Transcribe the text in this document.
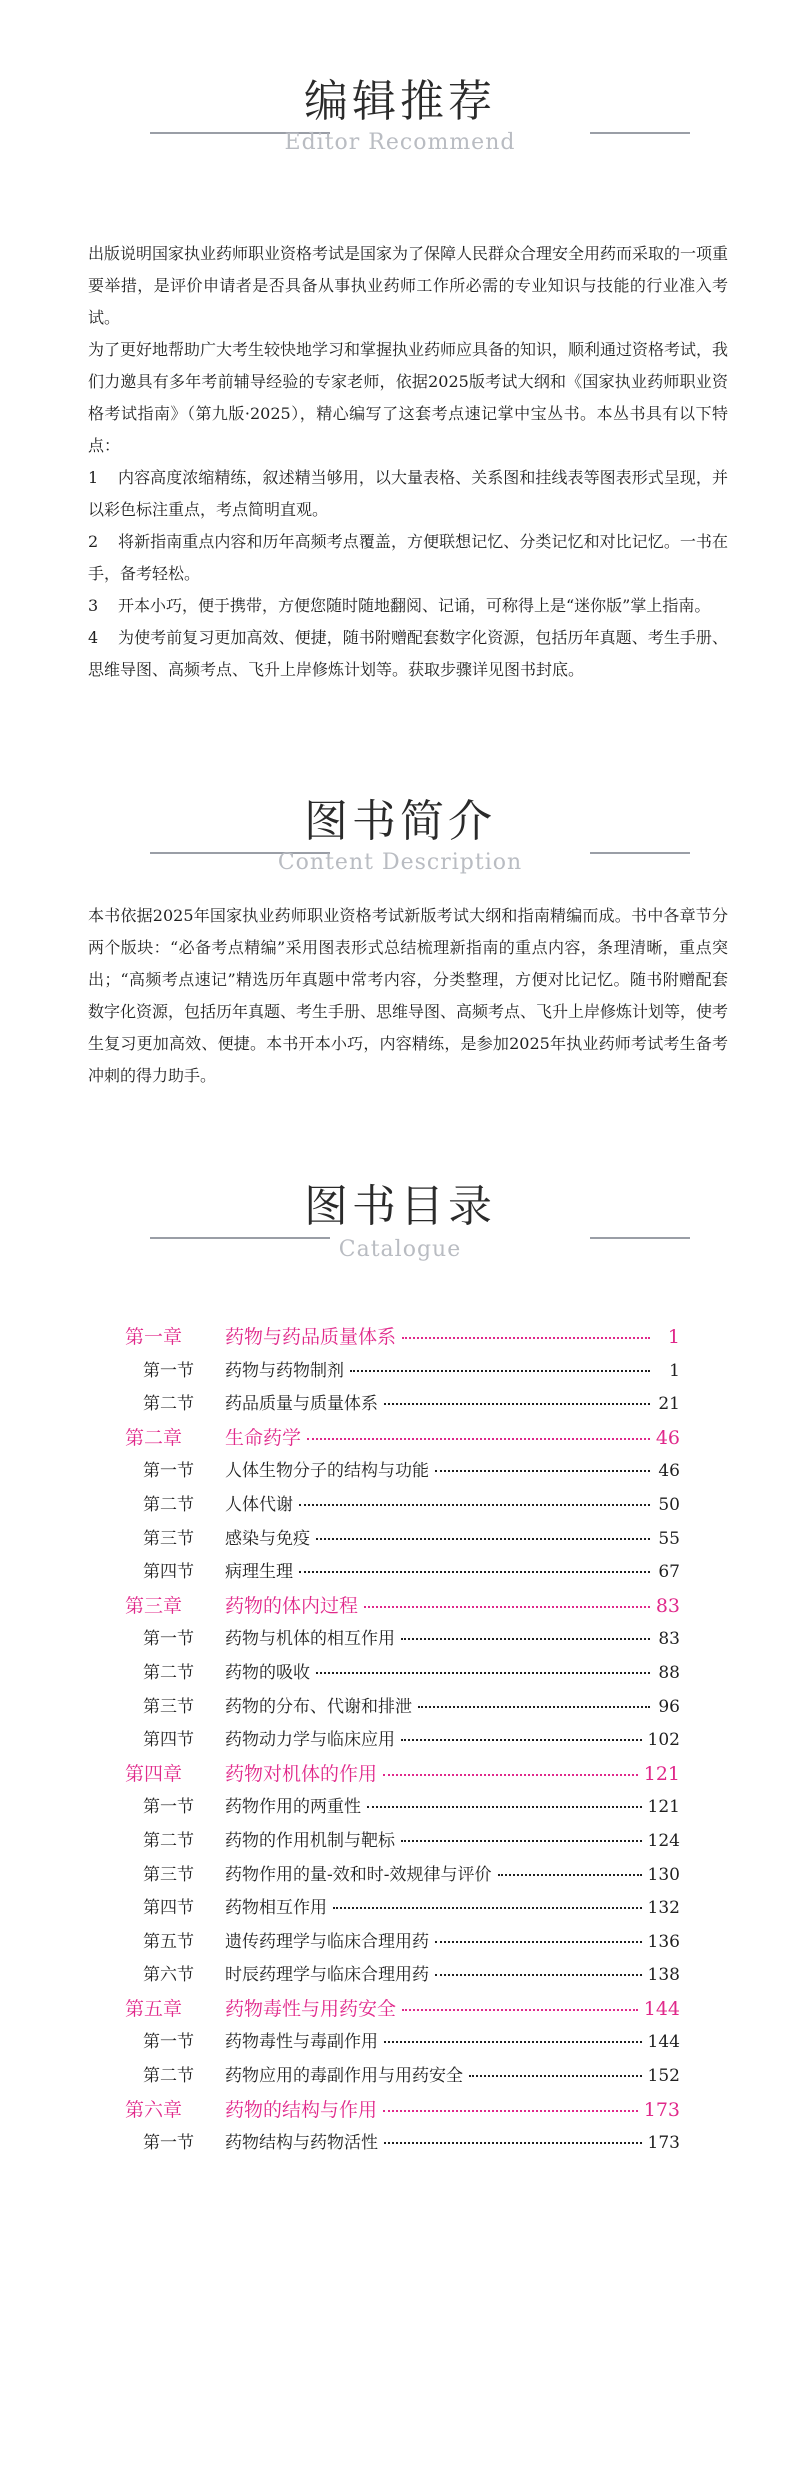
编辑推荐
Editor Recommend

出版说明国家执业药师职业资格考试是国家为了保障人民群众合理安全用药而采取的一项重要举措，是评价申请者是否具备从事执业药师工作所必需的专业知识与技能的行业准入考试。

为了更好地帮助广大考生较快地学习和掌握执业药师应具备的知识，顺利通过资格考试，我们力邀具有多年考前辅导经验的专家老师，依据2025版考试大纲和《国家执业药师职业资格考试指南》（第九版·2025），精心编写了这套考点速记掌中宝丛书。本丛书具有以下特点：

1 内容高度浓缩精练，叙述精当够用，以大量表格、关系图和挂线表等图表形式呈现，并以彩色标注重点，考点简明直观。

2 将新指南重点内容和历年高频考点覆盖，方便联想记忆、分类记忆和对比记忆。一书在手，备考轻松。

3 开本小巧，便于携带，方便您随时随地翻阅、记诵，可称得上是“迷你版”掌上指南。

4 为使考前复习更加高效、便捷，随书附赠配套数字化资源，包括历年真题、考生手册、思维导图、高频考点、飞升上岸修炼计划等。获取步骤详见图书封底。

图书简介
Content Description

本书依据2025年国家执业药师职业资格考试新版考试大纲和指南精编而成。书中各章节分两个版块：“必备考点精编”采用图表形式总结梳理新指南的重点内容，条理清晰，重点突出；“高频考点速记”精选历年真题中常考内容，分类整理，方便对比记忆。随书附赠配套数字化资源，包括历年真题、考生手册、思维导图、高频考点、飞升上岸修炼计划等，使考生复习更加高效、便捷。本书开本小巧，内容精练，是参加2025年执业药师考试考生备考冲刺的得力助手。

图书目录
Catalogue
第一章	药物与药品质量体系	1
第一节	药物与药物制剂	1
第二节	药品质量与质量体系	21
第二章	生命药学	46
第一节	人体生物分子的结构与功能	46
第二节	人体代谢	50
第三节	感染与免疫	55
第四节	病理生理	67
第三章	药物的体内过程	83
第一节	药物与机体的相互作用	83
第二节	药物的吸收	88
第三节	药物的分布、代谢和排泄	96
第四节	药物动力学与临床应用	102
第四章	药物对机体的作用	121
第一节	药物作用的两重性	121
第二节	药物的作用机制与靶标	124
第三节	药物作用的量-效和时-效规律与评价	130
第四节	药物相互作用	132
第五节	遗传药理学与临床合理用药	136
第六节	时辰药理学与临床合理用药	138
第五章	药物毒性与用药安全	144
第一节	药物毒性与毒副作用	144
第二节	药物应用的毒副作用与用药安全	152
第六章	药物的结构与作用	173
第一节	药物结构与药物活性	173
